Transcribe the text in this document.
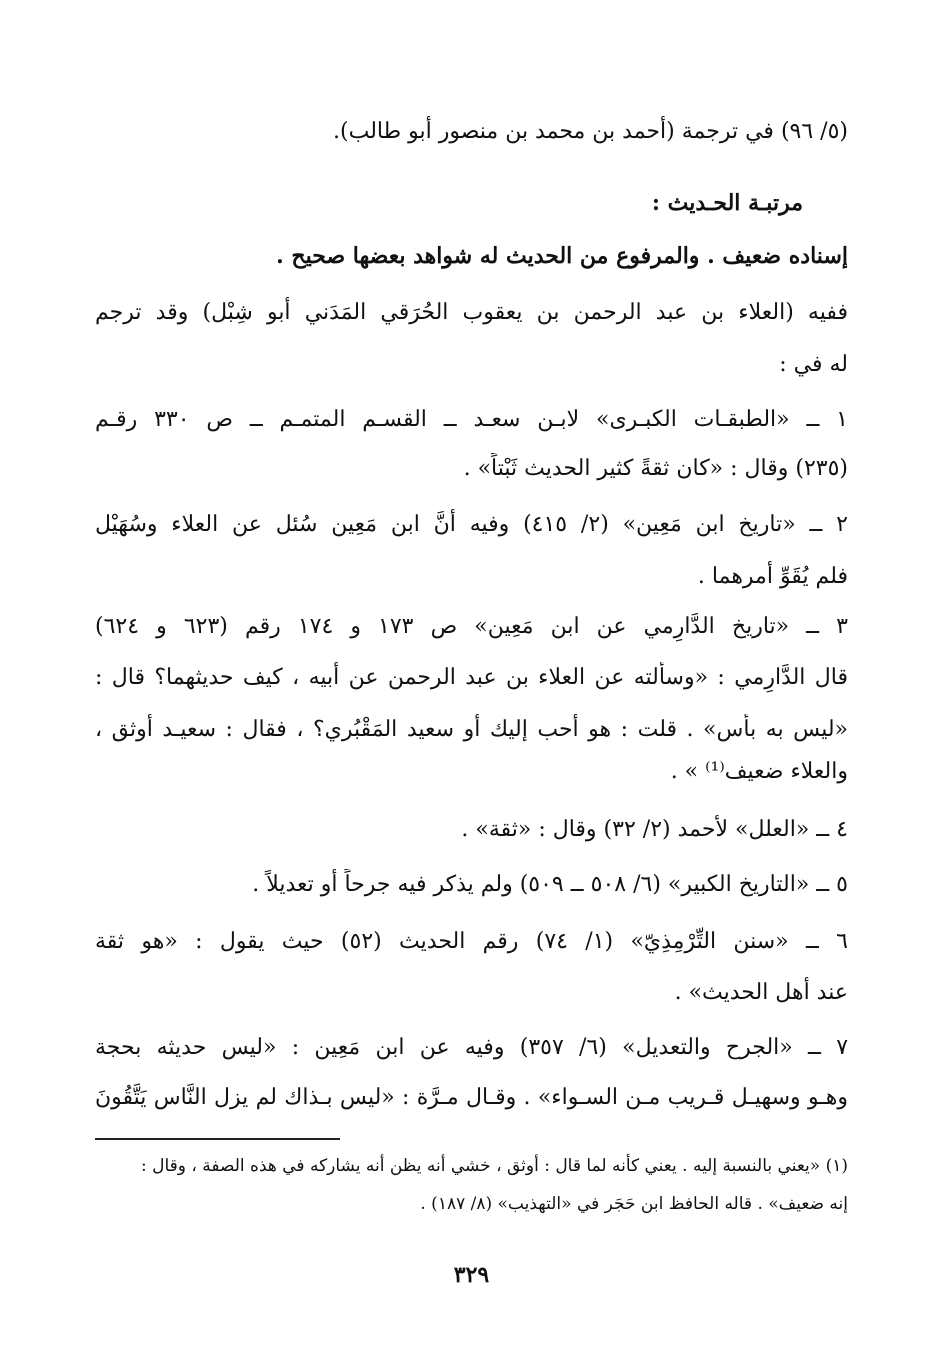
(٥/ ٩٦) في ترجمة (أحمد بن محمد بن منصور أبو طالب).
مرتبـة الحـديث :
إسناده ضعيف . والمرفوع من الحديث له شواهد بعضها صحيح .
ففيه (العلاء بن عبد الرحمن بن يعقوب الحُرَقي المَدَني أبو شِبْل) وقد ترجم
له في :
١ ــ «الطبقـات الكبـرى» لابـن سعـد ــ القسـم المتمـم ــ ص ٣٣٠ رقـم
(٢٣٥) وقال : «كان ثقةً كثير الحديث ثَبْتاً» .
٢ ــ «تاريخ ابن مَعِين» (٢/ ٤١٥) وفيه أنَّ ابن مَعِين سُئل عن العلاء وسُهَيْل
فلم يُقَوِّ أمرهما .
٣ ــ «تاريخ الدَّارِمي عن ابن مَعِين» ص ١٧٣ و ١٧٤ رقم (٦٢٣ و ٦٢٤)
قال الدَّارِمي : «وسألته عن العلاء بن عبد الرحمن عن أبيه ، كيف حديثهما؟ قال :
«ليس به بأس» . قلت : هو أحب إليك أو سعيد المَقْبُري؟ ، فقال : سعيـد أوثق ،
والعلاء ضعيف⁽¹⁾ » .
٤ ــ «العلل» لأحمد (٢/ ٣٢) وقال : «ثقة» .
٥ ــ «التاريخ الكبير» (٦/ ٥٠٨ ــ ٥٠٩) ولم يذكر فيه جرحاً أو تعديلاً .
٦ ــ «سنن التِّرْمِذِيّ» (١/ ٧٤) رقم الحديث (٥٢) حيث يقول : «هو ثقة
عند أهل الحديث» .
٧ ــ «الجرح والتعديل» (٦/ ٣٥٧) وفيه عن ابن مَعِين : «ليس حديثه بحجة
وهـو وسهيـل قـريب مـن السـواء» . وقـال مـرَّة : «ليس بـذاك لم يزل النَّاس يَتَّقُونَ
(١) «يعني بالنسبة إليه . يعني كأنه لما قال : أوثق ، خشي أنه يظن أنه يشاركه في هذه الصفة ، وقال :
إنه ضعيف» . قاله الحافظ ابن حَجَر في «التهذيب» (٨/ ١٨٧) .
٣٢٩
